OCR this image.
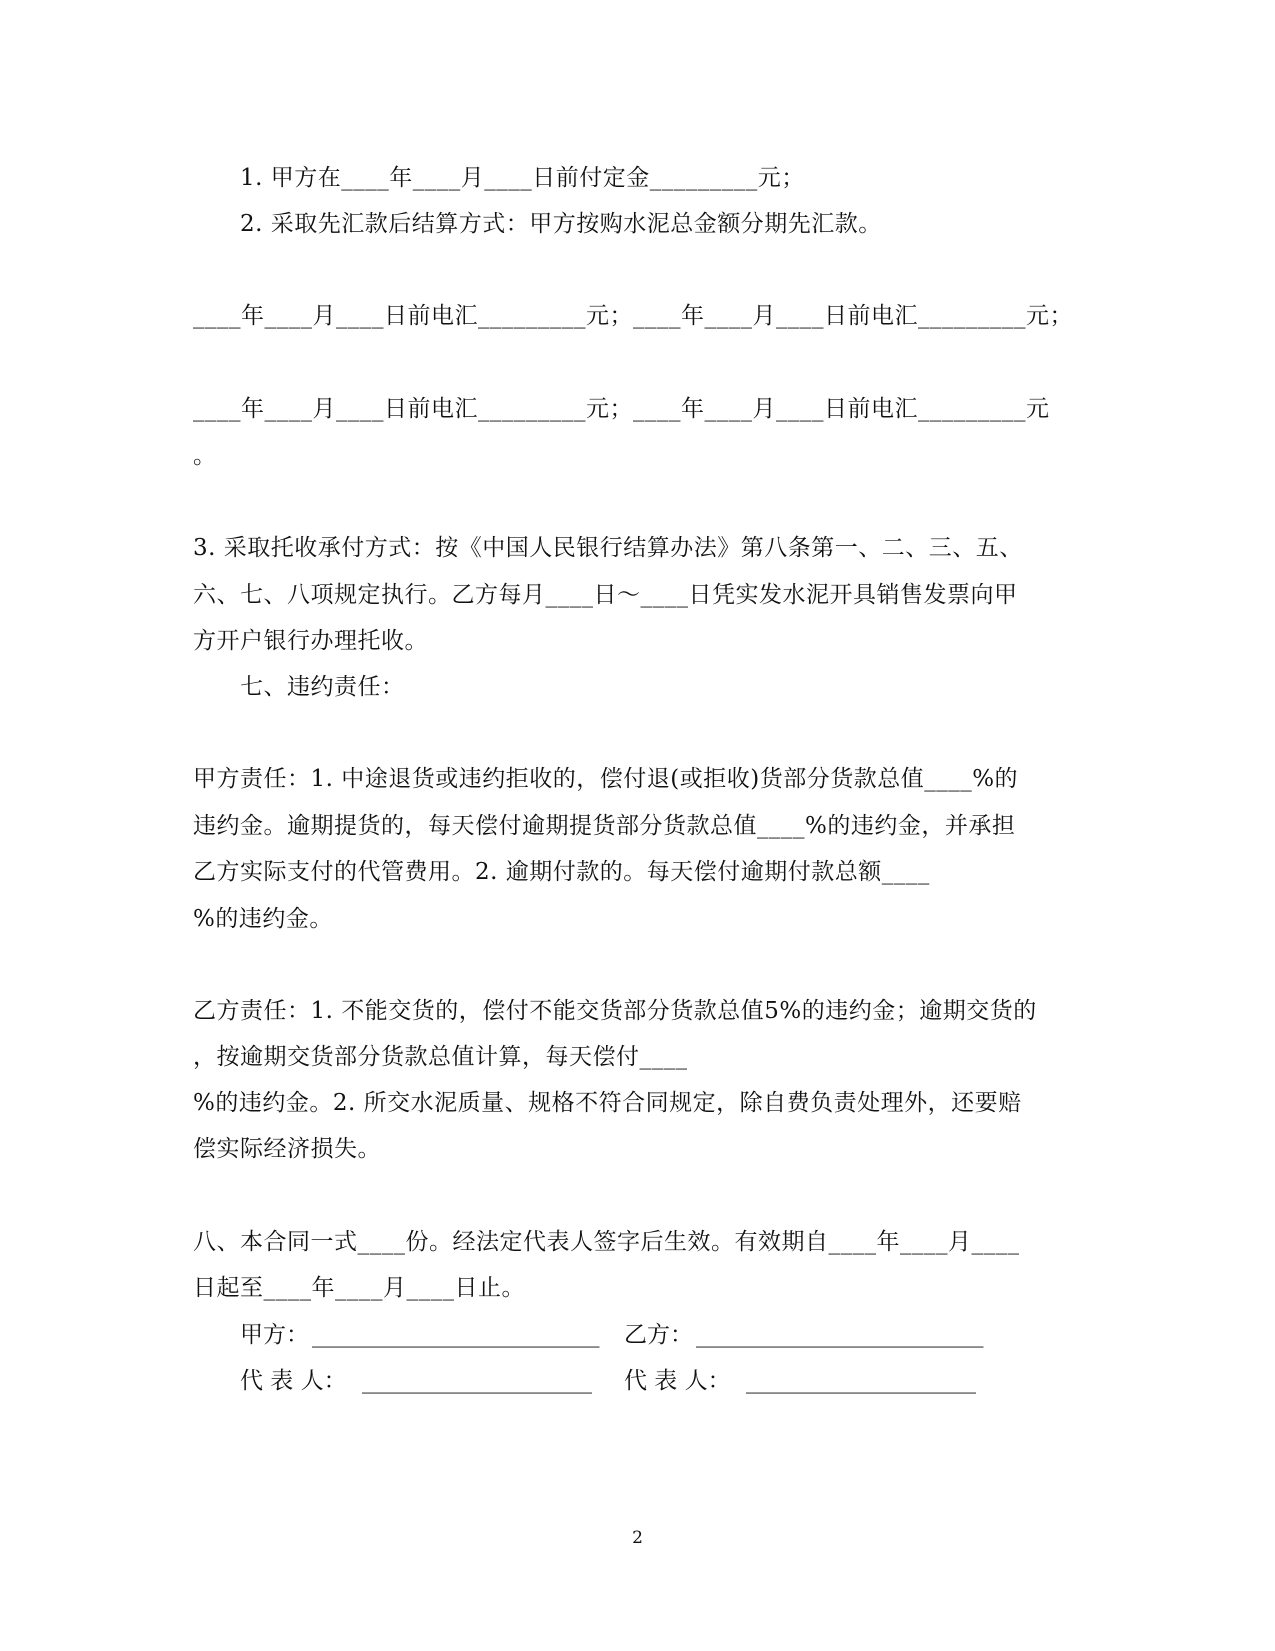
1. 甲方在____年____月____日前付定金_________元；
2. 采取先汇款后结算方式：甲方按购水泥总金额分期先汇款。
____年____月____日前电汇_________元；____年____月____日前电汇_________元；
____年____月____日前电汇_________元；____年____月____日前电汇_________元
。
3. 采取托收承付方式：按《中国人民银行结算办法》第八条第一、二、三、五、
六、七、八项规定执行。乙方每月____日～____日凭实发水泥开具销售发票向甲
方开户银行办理托收。
七、违约责任：
甲方责任：1. 中途退货或违约拒收的，偿付退(或拒收)货部分货款总值____%的
违约金。逾期提货的，每天偿付逾期提货部分货款总值____%的违约金，并承担
乙方实际支付的代管费用。2. 逾期付款的。每天偿付逾期付款总额____
%的违约金。
乙方责任：1. 不能交货的，偿付不能交货部分货款总值5%的违约金；逾期交货的
，按逾期交货部分货款总值计算，每天偿付____
%的违约金。2. 所交水泥质量、规格不符合同规定，除自费负责处理外，还要赔
偿实际经济损失。
八、本合同一式____份。经法定代表人签字后生效。有效期自____年____月____
日起至____年____月____日止。
甲方： _________________________ 乙方： _________________________
代 表 人： ____________________ 代 表 人： ____________________
2
